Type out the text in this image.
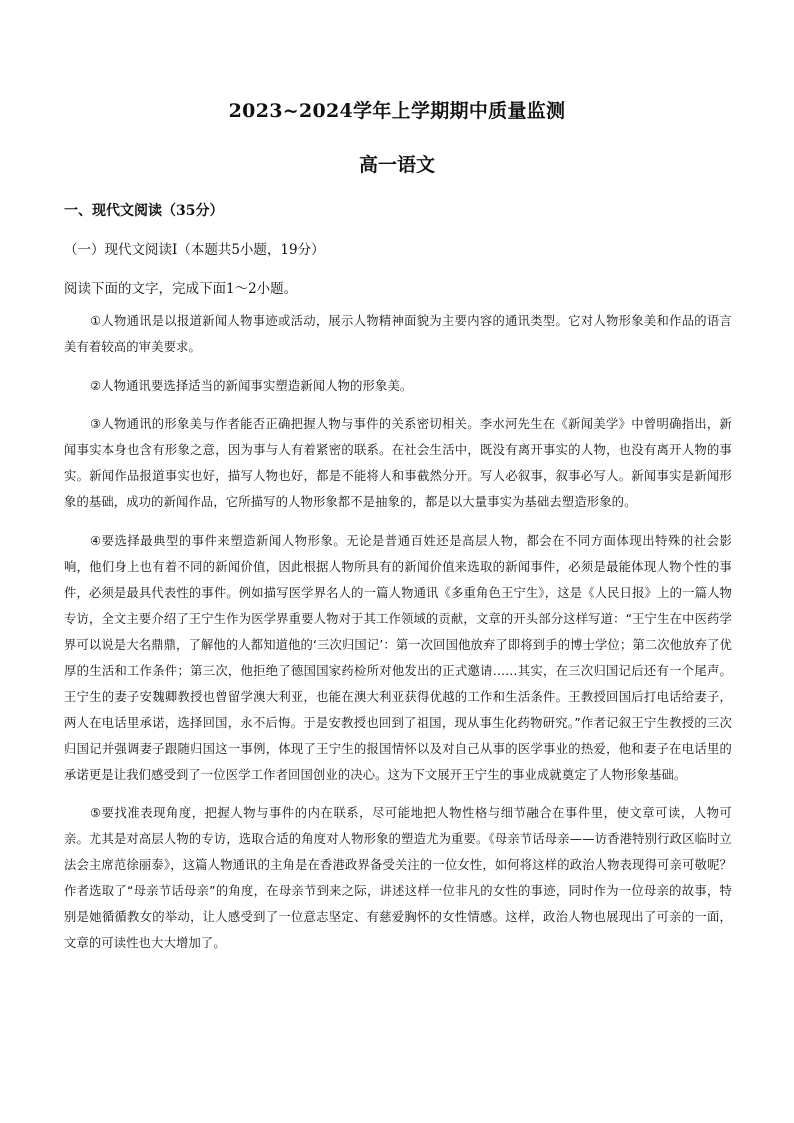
2023~2024学年上学期期中质量监测
高一语文
一、现代文阅读（35分）
（一）现代文阅读Ⅰ（本题共5小题，19分）
阅读下面的文字，完成下面1～2小题。

①人物通讯是以报道新闻人物事迹或活动，展示人物精神面貌为主要内容的通讯类型。它对人物形象美和作品的语言美有着较高的审美要求。

②人物通讯要选择适当的新闻事实塑造新闻人物的形象美。

③人物通讯的形象美与作者能否正确把握人物与事件的关系密切相关。李水河先生在《新闻美学》中曾明确指出，新闻事实本身也含有形象之意，因为事与人有着紧密的联系。在社会生活中，既没有离开事实的人物，也没有离开人物的事实。新闻作品报道事实也好，描写人物也好，都是不能将人和事截然分开。写人必叙事，叙事必写人。新闻事实是新闻形象的基础，成功的新闻作品，它所描写的人物形象都不是抽象的，都是以大量事实为基础去塑造形象的。

④要选择最典型的事件来塑造新闻人物形象。无论是普通百姓还是高层人物，都会在不同方面体现出特殊的社会影响，他们身上也有着不同的新闻价值，因此根据人物所具有的新闻价值来选取的新闻事件，必须是最能体现人物个性的事件，必须是最具代表性的事件。例如描写医学界名人的一篇人物通讯《多重角色王宁生》，这是《人民日报》上的一篇人物专访，全文主要介绍了王宁生作为医学界重要人物对于其工作领域的贡献，文章的开头部分这样写道：“王宁生在中医药学界可以说是大名鼎鼎，了解他的人都知道他的‘三次归国记’：第一次回国他放弃了即将到手的博士学位；第二次他放弃了优厚的生活和工作条件；第三次，他拒绝了德国国家药检所对他发出的正式邀请……其实，在三次归国记后还有一个尾声。王宁生的妻子安魏卿教授也曾留学澳大利亚，也能在澳大利亚获得优越的工作和生活条件。王教授回国后打电话给妻子，两人在电话里承诺，选择回国，永不后悔。于是安教授也回到了祖国，现从事生化药物研究。”作者记叙王宁生教授的三次归国记并强调妻子跟随归国这一事例，体现了王宁生的报国情怀以及对自己从事的医学事业的热爱，他和妻子在电话里的承诺更是让我们感受到了一位医学工作者回国创业的决心。这为下文展开王宁生的事业成就奠定了人物形象基础。

⑤要找准表现角度，把握人物与事件的内在联系，尽可能地把人物性格与细节融合在事件里，使文章可读，人物可亲。尤其是对高层人物的专访，选取合适的角度对人物形象的塑造尤为重要。《母亲节话母亲——访香港特别行政区临时立法会主席范徐丽泰》，这篇人物通讯的主角是在香港政界备受关注的一位女性，如何将这样的政治人物表现得可亲可敬呢？作者选取了“母亲节话母亲”的角度，在母亲节到来之际，讲述这样一位非凡的女性的事迹，同时作为一位母亲的故事，特别是她循循教女的举动，让人感受到了一位意志坚定、有慈爱胸怀的女性情感。这样，政治人物也展现出了可亲的一面，文章的可读性也大大增加了。
